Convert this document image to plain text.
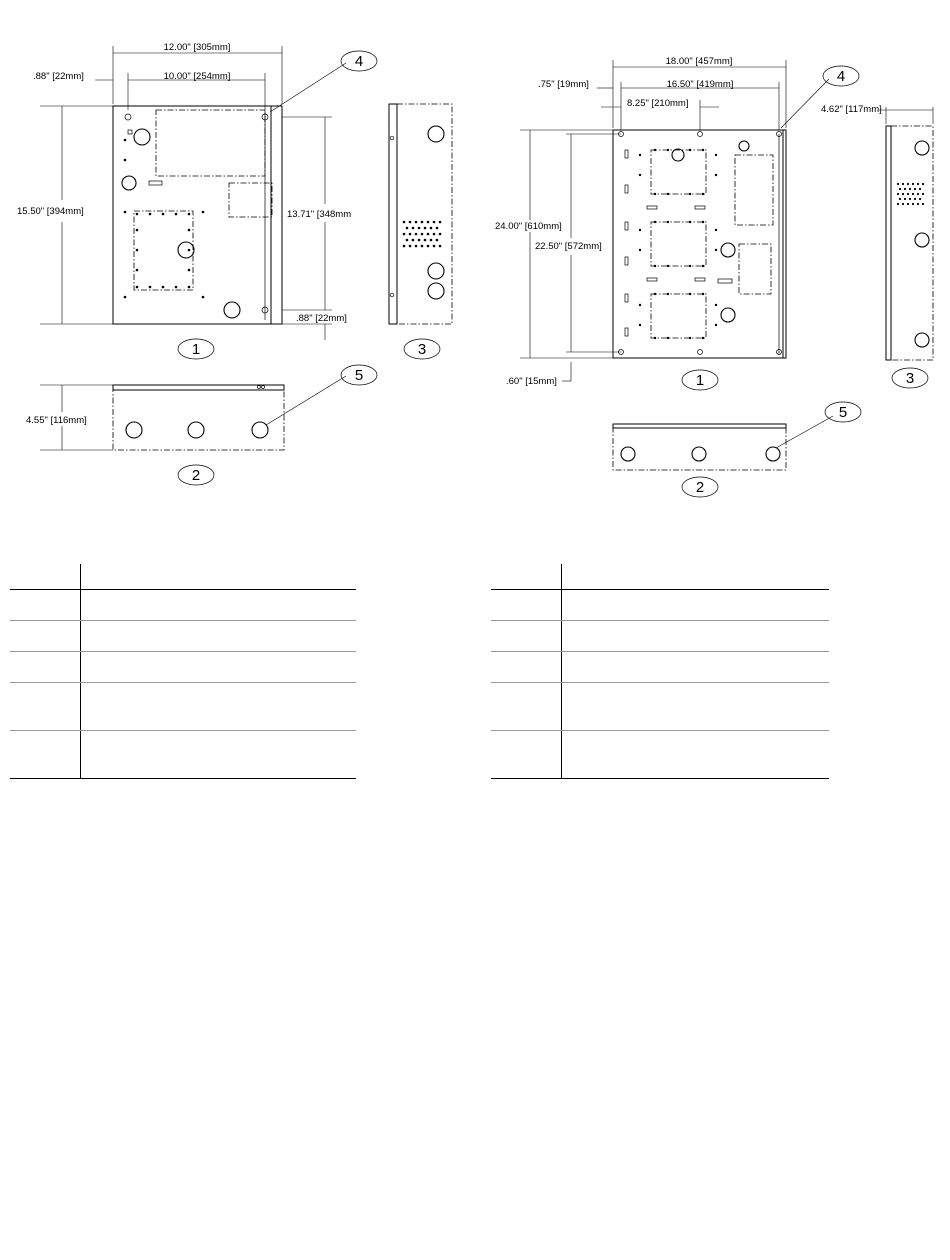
12.00" [305mm]
10.00" [254mm]
.88" [22mm]
15.50" [394mm]	13.71" [348mm
.88" [22mm]
4.55" [116mm]
4
5
1	3
2
18.00" [457mm]
16.50" [419mm]
.75" [19mm]
8.25" [210mm]
24.00" [610mm]
22.50" [572mm]
.60" [15mm]
4.62" [117mm]
4
5
1	3
2
